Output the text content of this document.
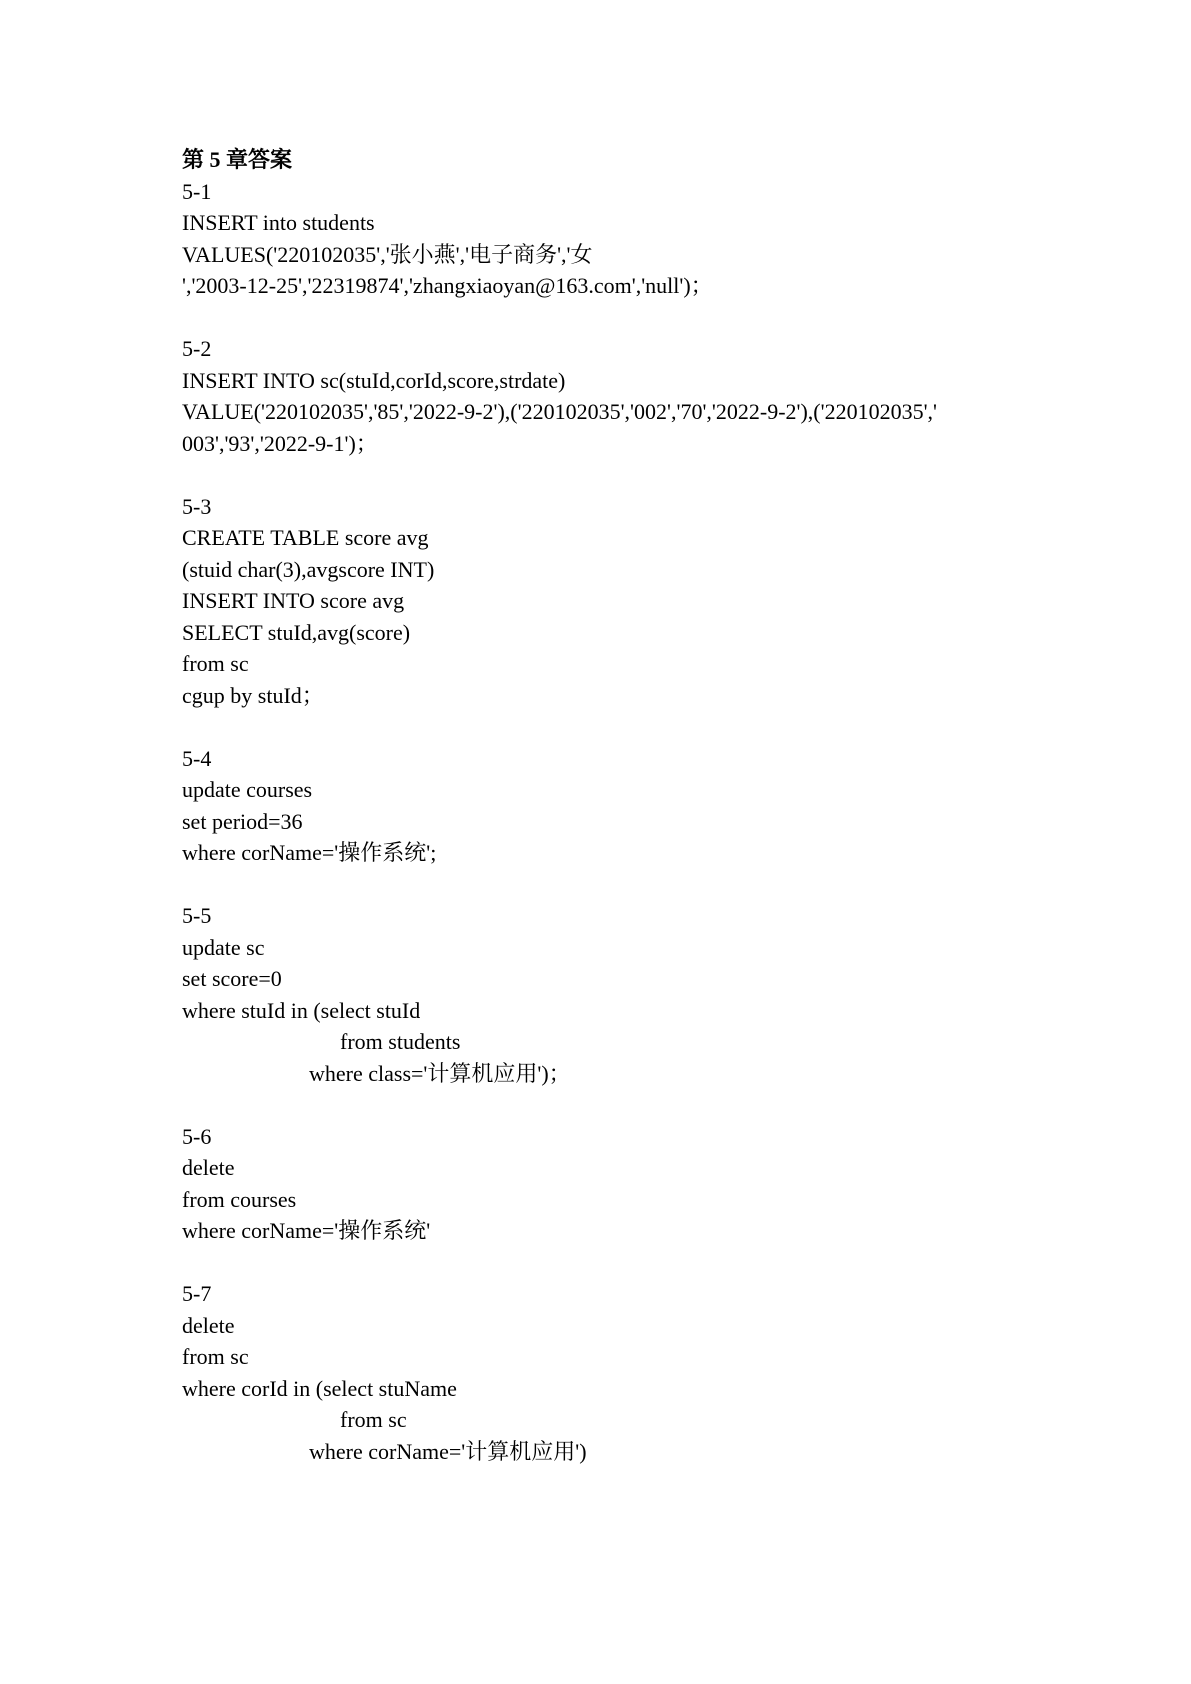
第 5 章答案
5-1
INSERT into students
VALUES('220102035','张小燕','电子商务','女
','2003-12-25','22319874','zhangxiaoyan@163.com','null')；
5-2
INSERT INTO sc(stuId,corId,score,strdate)
VALUE('220102035','85','2022-9-2'),('220102035','002','70','2022-9-2'),('220102035','
003','93','2022-9-1')；
5-3
CREATE TABLE score avg
(stuid char(3),avgscore INT)
INSERT INTO score avg
SELECT stuId,avg(score)
from sc
cgup by stuId；
5-4
update courses
set period=36
where corName='操作系统';
5-5
update sc
set score=0
where stuId in (select stuId
from students
where class='计算机应用')；
5-6
delete
from courses
where corName='操作系统'
5-7
delete
from sc
where corId in (select stuName
from sc
where corName='计算机应用')
